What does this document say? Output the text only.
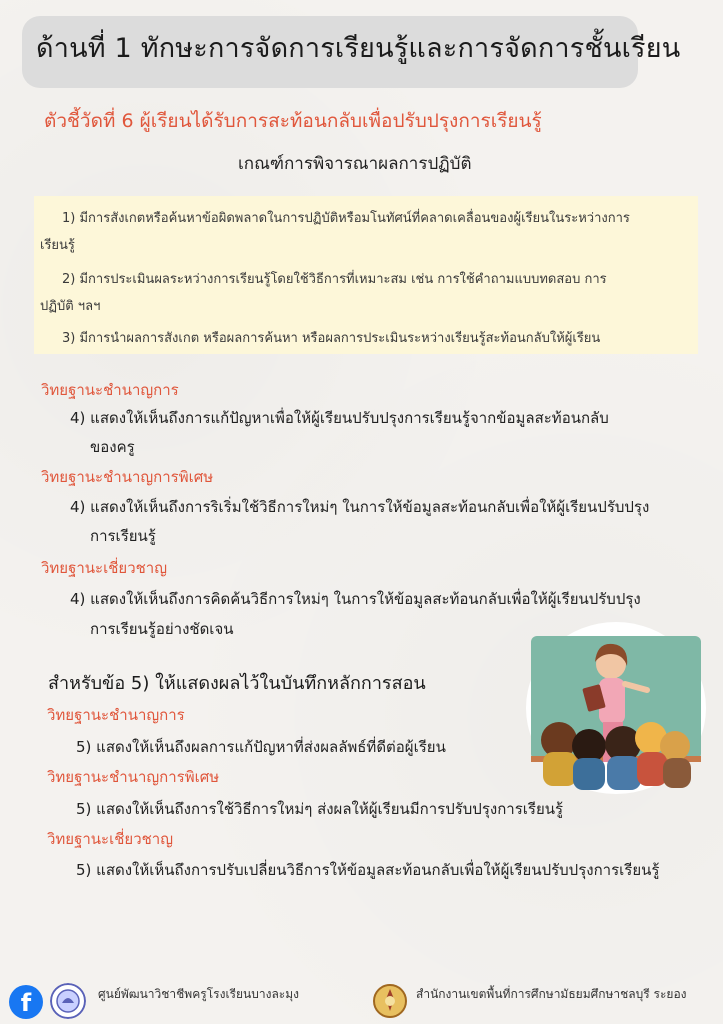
ด้านที่ 1 ทักษะการจัดการเรียนรู้และการจัดการชั้นเรียน
ตัวชี้วัดที่ 6 ผู้เรียนได้รับการสะท้อนกลับเพื่อปรับปรุงการเรียนรู้
เกณฑ์การพิจารณาผลการปฏิบัติ
1) มีการสังเกตหรือค้นหาข้อผิดพลาดในการปฏิบัติหรือมโนทัศน์ที่คลาดเคลื่อนของผู้เรียนในระหว่างการ
เรียนรู้
2) มีการประเมินผลระหว่างการเรียนรู้โดยใช้วิธีการที่เหมาะสม เช่น การใช้คำถามแบบทดสอบ การ
ปฏิบัติ ฯลฯ
3) มีการนำผลการสังเกต หรือผลการค้นหา หรือผลการประเมินระหว่างเรียนรู้สะท้อนกลับให้ผู้เรียน
วิทยฐานะชำนาญการ
4) แสดงให้เห็นถึงการแก้ปัญหาเพื่อให้ผู้เรียนปรับปรุงการเรียนรู้จากข้อมูลสะท้อนกลับ
ของครู
วิทยฐานะชำนาญการพิเศษ
4) แสดงให้เห็นถึงการริเริ่มใช้วิธีการใหม่ๆ ในการให้ข้อมูลสะท้อนกลับเพื่อให้ผู้เรียนปรับปรุง
การเรียนรู้
วิทยฐานะเชี่ยวชาญ
4) แสดงให้เห็นถึงการคิดค้นวิธีการใหม่ๆ ในการให้ข้อมูลสะท้อนกลับเพื่อให้ผู้เรียนปรับปรุง
การเรียนรู้อย่างชัดเจน
สำหรับข้อ 5) ให้แสดงผลไว้ในบันทึกหลักการสอน
วิทยฐานะชำนาญการ
5) แสดงให้เห็นถึงผลการแก้ปัญหาที่ส่งผลลัพธ์ที่ดีต่อผู้เรียน
วิทยฐานะชำนาญการพิเศษ
5) แสดงให้เห็นถึงการใช้วิธีการใหม่ๆ ส่งผลให้ผู้เรียนมีการปรับปรุงการเรียนรู้
วิทยฐานะเชี่ยวชาญ
5) แสดงให้เห็นถึงการปรับเปลี่ยนวิธีการให้ข้อมูลสะท้อนกลับเพื่อให้ผู้เรียนปรับปรุงการเรียนรู้
f	ศูนย์พัฒนาวิชาชีพครูโรงเรียนบางละมุง	สำนักงานเขตพื้นที่การศึกษามัธยมศึกษาชลบุรี ระยอง
